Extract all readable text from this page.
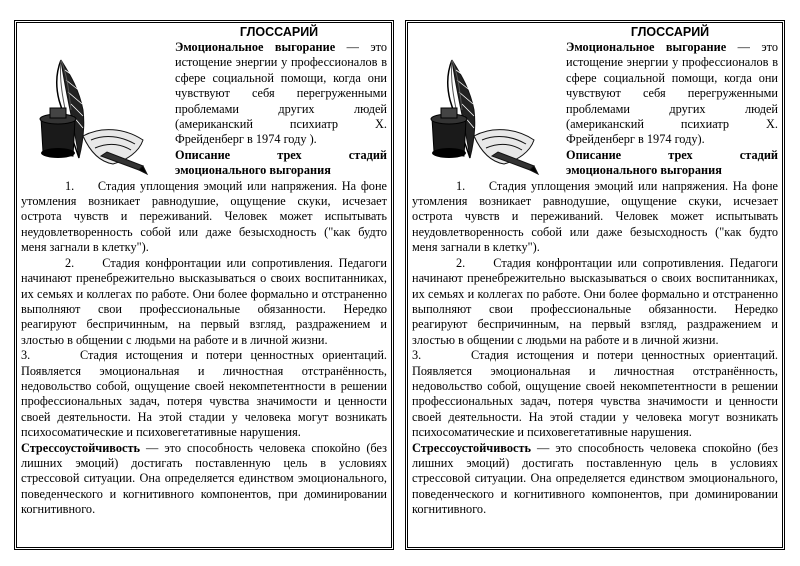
ГЛОССАРИЙ

Эмоциональное выгорание — это истощение энергии у профессионалов в сфере социальной помощи, когда они чувствуют себя перегруженными проблемами других людей (американский психиатр Х. Фрейденберг в 1974 году ).

Описание трех стадий эмоционального выгорания

1.     Стадия уплощения эмоций или напряжения. На фоне утомления возникает равнодушие, ощущение скуки, исчезает острота чувств и переживаний. Человек может испытывать неудовлетворенность собой или даже безысходность ("как будто меня загнали в клетку").

2.     Стадия конфронтации или сопротивления. Педагоги начинают пренебрежительно высказываться о своих воспитанниках, их семьях и коллегах по работе. Они более формально и отстраненно выполняют свои профессиональные обязанности. Нередко реагируют беспричинным, на первый взгляд, раздражением и злостью в общении с людьми на работе и в личной жизни.

3.      Стадия истощения и потери ценностных ориентаций. Появляется эмоциональная и личностная отстранённость, недовольство собой, ощущение своей некомпетентности в решении профессиональных задач, потеря чувства значимости и ценности своей деятельности. На этой стадии у человека могут возникать психосоматические и психовегетативные нарушения.

Стрессоустойчивость — это способность человека спокойно (без лишних эмоций) достигать поставленную цель в условиях стрессовой ситуации. Она определяется единством эмоционального, поведенческого и когнитивного компонентов, при доминировании когнитивного.

ГЛОССАРИЙ

Эмоциональное выгорание — это истощение энергии у профессионалов в сфере социальной помощи, когда они чувствуют себя перегруженными проблемами других людей (американский психиатр Х. Фрейденберг в 1974 году).

Описание трех стадий эмоционального выгорания

1.     Стадия уплощения эмоций или напряжения. На фоне утомления возникает равнодушие, ощущение скуки, исчезает острота чувств и переживаний. Человек может испытывать неудовлетворенность собой или даже безысходность ("как будто меня загнали в клетку").

2.     Стадия конфронтации или сопротивления. Педагоги начинают пренебрежительно высказываться о своих воспитанниках, их семьях и коллегах по работе. Они более формально и отстраненно выполняют свои профессиональные обязанности. Нередко реагируют беспричинным, на первый взгляд, раздражением и злостью в общении с людьми на работе и в личной жизни.

3.      Стадия истощения и потери ценностных ориентаций. Появляется эмоциональная и личностная отстранённость, недовольство собой, ощущение своей некомпетентности в решении профессиональных задач, потеря чувства значимости и ценности своей деятельности. На этой стадии у человека могут возникать психосоматические и психовегетативные нарушения.

Стрессоустойчивость — это способность человека спокойно (без лишних эмоций) достигать поставленную цель в условиях стрессовой ситуации. Она определяется единством эмоционального, поведенческого и когнитивного компонентов, при доминировании когнитивного.
